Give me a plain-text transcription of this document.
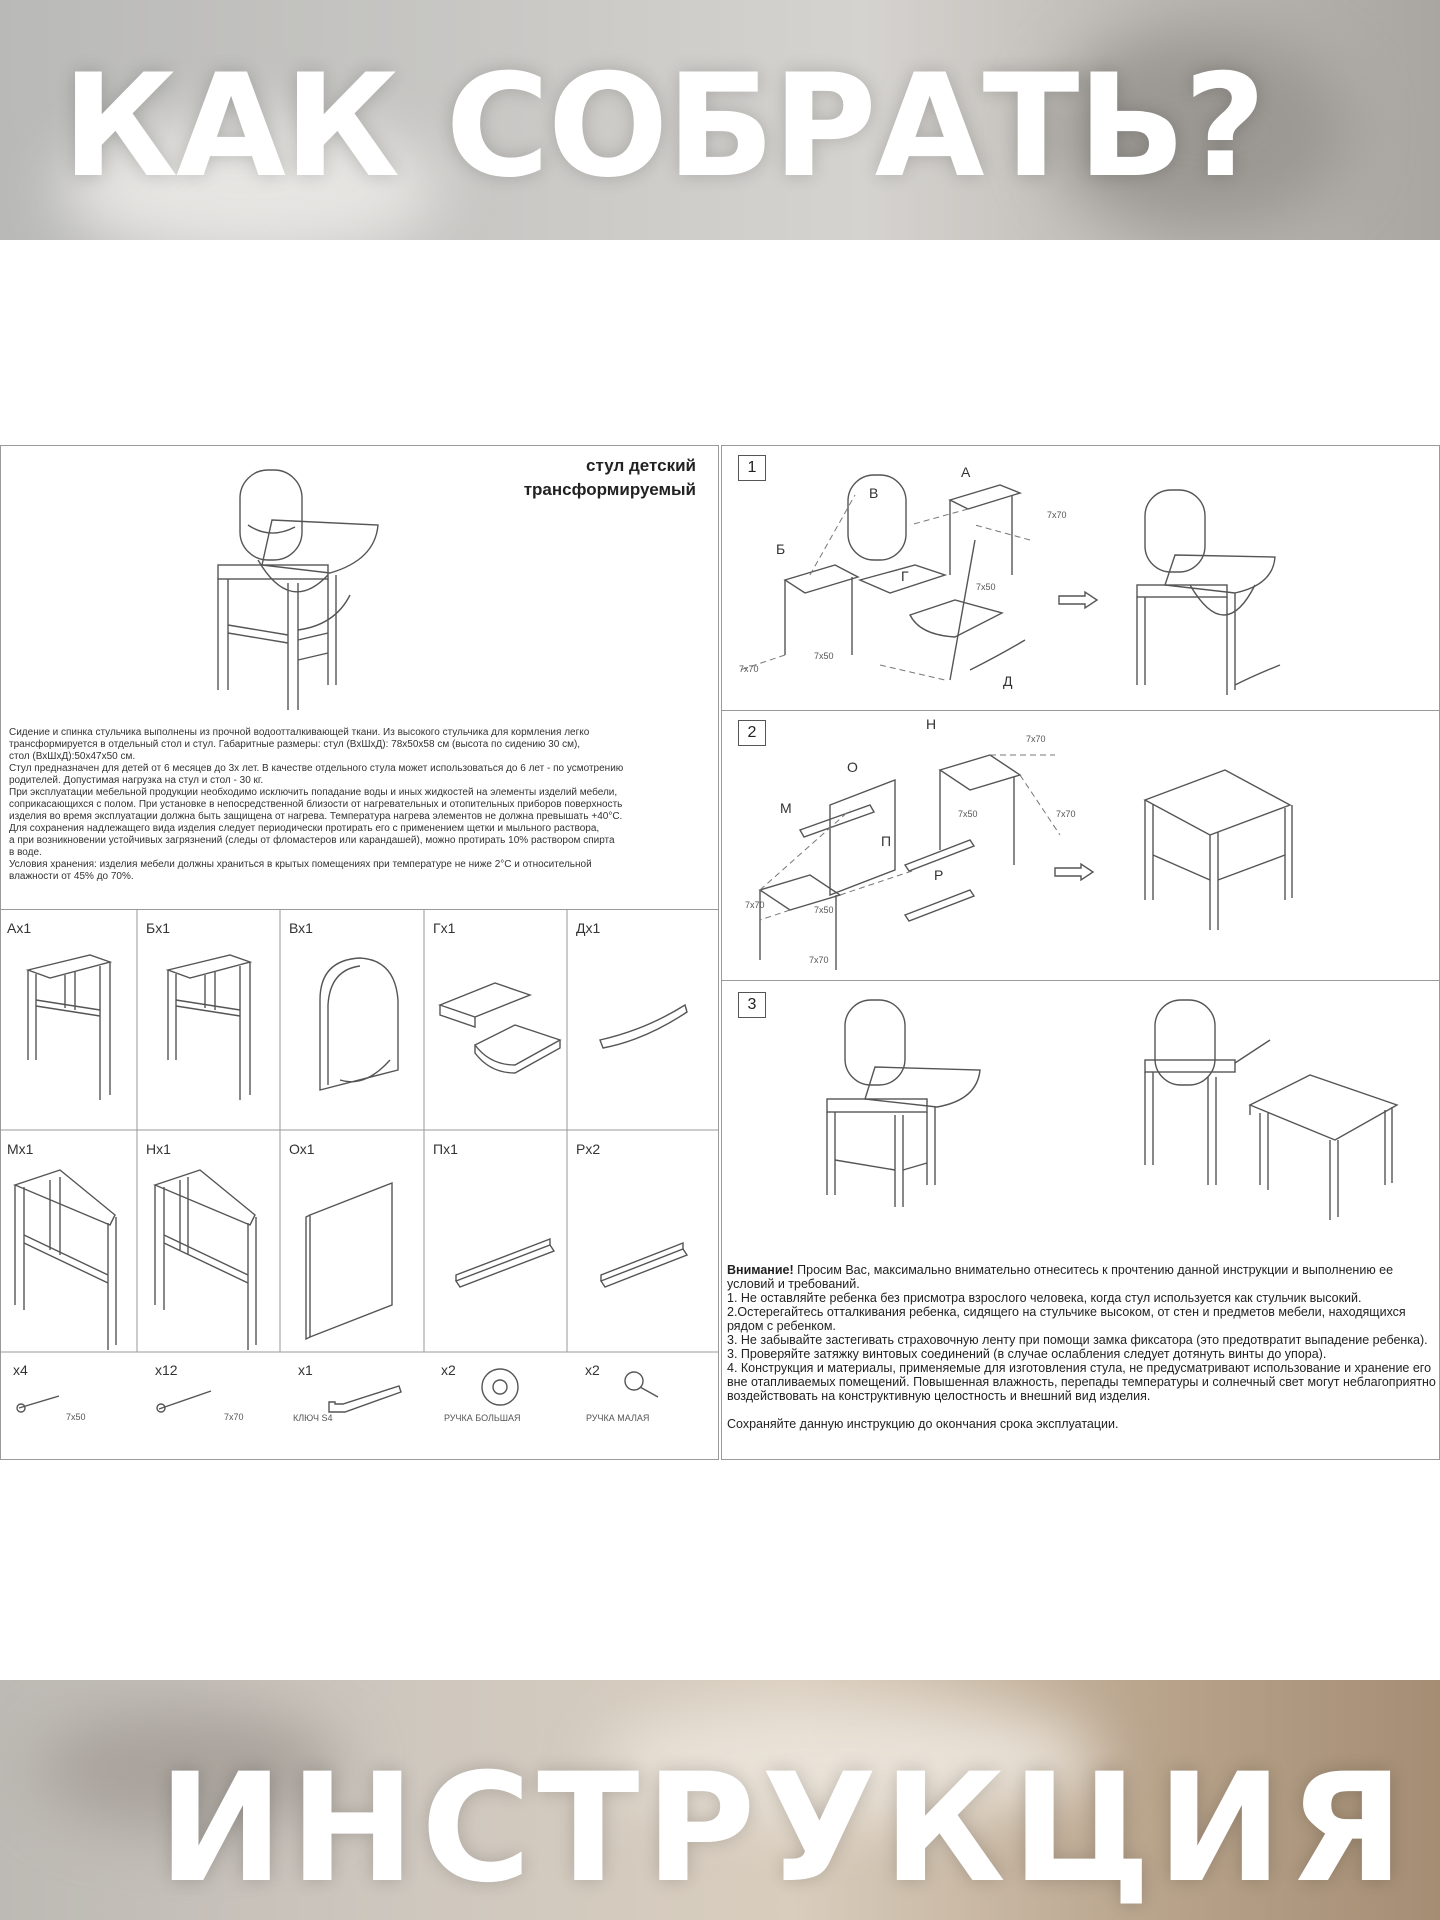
КАК СОБРАТЬ?
стул детский
трансформируемый
Сидение и спинка стульчика выполнены из прочной водоотталкивающей ткани. Из высокого стульчика для кормления легко
трансформируется в отдельный стол и стул. Габаритные размеры: стул (ВхШхД): 78х50х58 см (высота по сидению 30 см),
стол (ВхШхД):50х47х50 см.
Стул предназначен для детей от 6 месяцев до 3х лет. В качестве отдельного стула может использоваться до 6 лет - по усмотрению
родителей. Допустимая нагрузка на стул и стол - 30 кг.
При эксплуатации мебельной продукции необходимо исключить попадание воды и иных жидкостей на элементы изделий мебели,
соприкасающихся с полом. При установке в непосредственной близости от нагревательных и отопительных приборов поверхность
изделия во время эксплуатации должна быть защищена от нагрева. Температура нагрева элементов не должна превышать +40°С.
Для сохранения надлежащего вида изделия следует периодически протирать его с применением щетки и мыльного раствора,
а при возникновении устойчивых загрязнений (следы от фломастеров или карандашей), можно протирать 10% раствором спирта
в воде.
Условия хранения: изделия мебели должны храниться в крытых помещениях при температуре не ниже 2°С и относительной
влажности от 45% до 70%.
Ах1	Бх1	Вх1	Гх1	Дх1
Мх1	Нх1	Ох1	Пх1	Рх2
x4	x12	x1	x2	x2
7х50	7х70	КЛЮЧ S4	РУЧКА БОЛЬШАЯ	РУЧКА МАЛАЯ
1	А
Б
В
Г
Д
7х70
7х50
7х50
7х70
2	Н
О
М
П
Р
7х70
7х70
7х50
7х70	7х50
7х70
3

Внимание! Просим Вас, максимально внимательно отнеситесь к прочтению данной инструкции и выполнению ее условий и требований.

1. Не оставляйте ребенка без присмотра взрослого человека, когда стул используется как стульчик высокий.

2.Остерегайтесь отталкивания ребенка, сидящего на стульчике высоком, от стен и предметов мебели, находящихся рядом с ребенком.

3. Не забывайте застегивать страховочную ленту при помощи замка фиксатора (это предотвратит выпадение ребенка).

3. Проверяйте затяжку винтовых соединений (в случае ослабления следует дотянуть винты до упора).

4. Конструкция и материалы, применяемые для изготовления стула, не предусматривают использование и хранение его вне отапливаемых помещений. Повышенная влажность, перепады температуры и солнечный свет могут неблагоприятно воздействовать на конструктивную целостность и внешний вид изделия.

Сохраняйте данную инструкцию до окончания срока эксплуатации.

ИНСТРУКЦИЯ
